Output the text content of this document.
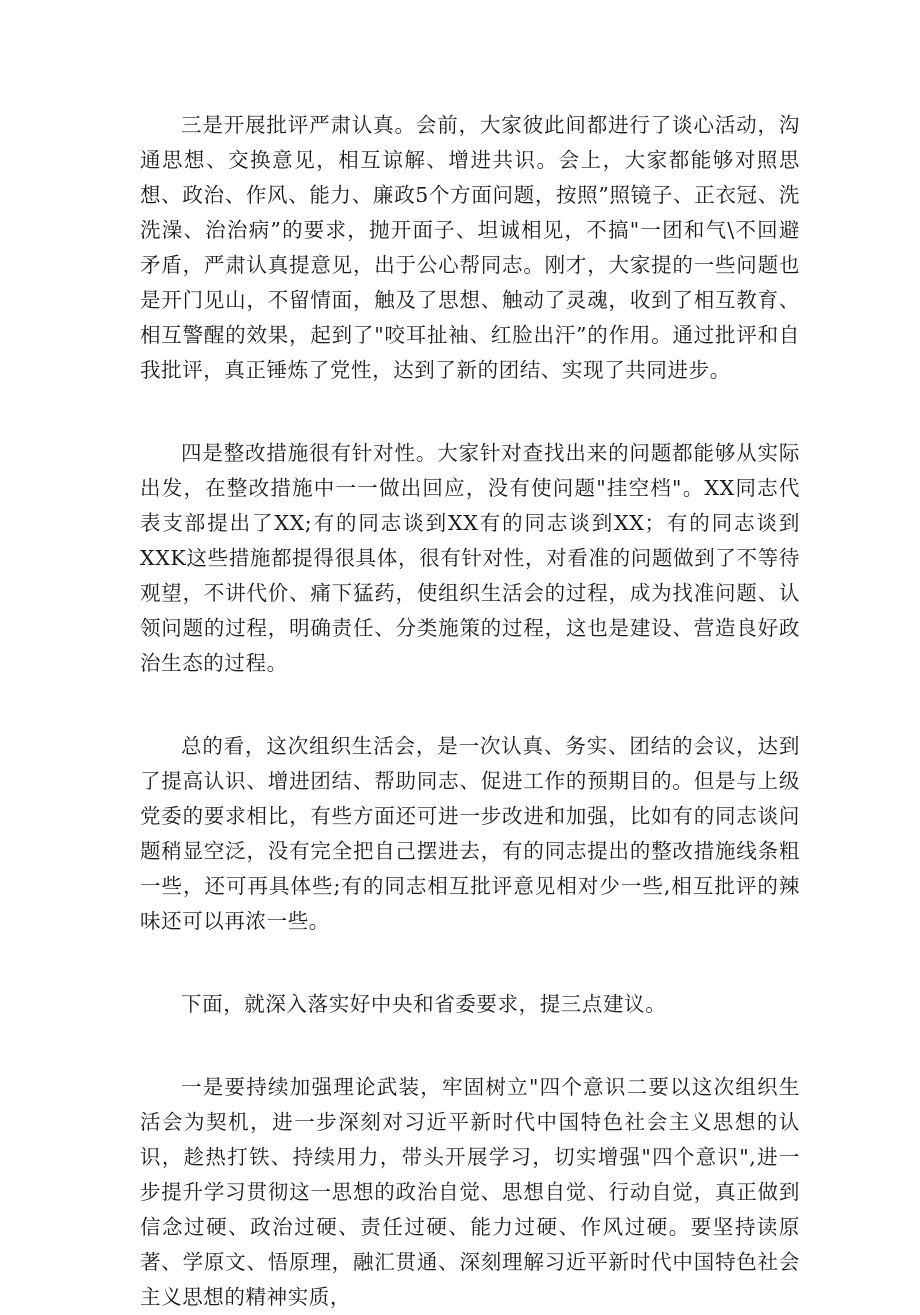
三是开展批评严肃认真。会前，大家彼此间都进行了谈心活动，沟通思想、交换意见，相互谅解、增进共识。会上，大家都能够对照思想、政治、作风、能力、廉政5个方面问题，按照”照镜子、正衣冠、洗洗澡、治治病”的要求，抛开面子、坦诚相见，不搞"一团和气\不回避矛盾，严肃认真提意见，出于公心帮同志。刚才，大家提的一些问题也是开门见山，不留情面，触及了思想、触动了灵魂，收到了相互教育、相互警醒的效果，起到了"咬耳扯袖、红脸出汗”的作用。通过批评和自我批评，真正锤炼了党性，达到了新的团结、实现了共同进步。

四是整改措施很有针对性。大家针对查找出来的问题都能够从实际出发，在整改措施中一一做出回应，没有使问题"挂空档"。XX同志代表支部提出了XX;有的同志谈到XX有的同志谈到XX；有的同志谈到XXK这些措施都提得很具体，很有针对性，对看准的问题做到了不等待观望，不讲代价、痛下猛药，使组织生活会的过程，成为找准问题、认领问题的过程，明确责任、分类施策的过程，这也是建设、营造良好政治生态的过程。

总的看，这次组织生活会，是一次认真、务实、团结的会议，达到了提高认识、增进团结、帮助同志、促进工作的预期目的。但是与上级党委的要求相比，有些方面还可进一步改进和加强，比如有的同志谈问题稍显空泛，没有完全把自己摆进去，有的同志提出的整改措施线条粗一些，还可再具体些;有的同志相互批评意见相对少一些,相互批评的辣味还可以再浓一些。

下面，就深入落实好中央和省委要求，提三点建议。

一是要持续加强理论武装，牢固树立"四个意识二要以这次组织生活会为契机，进一步深刻对习近平新时代中国特色社会主义思想的认识，趁热打铁、持续用力，带头开展学习，切实增强"四个意识",进一步提升学习贯彻这一思想的政治自觉、思想自觉、行动自觉，真正做到信念过硬、政治过硬、责任过硬、能力过硬、作风过硬。要坚持读原著、学原文、悟原理，融汇贯通、深刻理解习近平新时代中国特色社会主义思想的精神实质，
